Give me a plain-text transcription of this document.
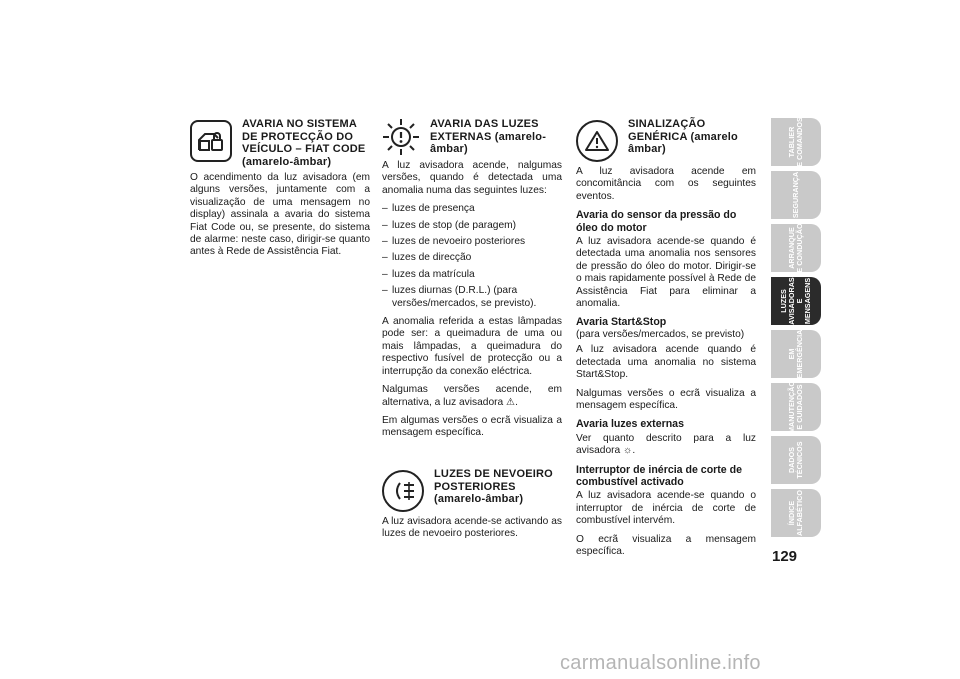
AVARIA NO SISTEMA DE PROTECÇÃO DO VEÍCULO – FIAT CODE (amarelo-âmbar)

O acendimento da luz avisadora (em alguns versões, juntamente com a visualização de uma mensagem no display) assinala a avaria do sistema Fiat Code ou, se presente, do sistema de alarme: neste caso, dirigir-se quanto antes à Rede de Assistência Fiat.

AVARIA DAS LUZES EXTERNAS (amarelo-âmbar)

A luz avisadora acende, nalgumas versões, quando é detectada uma anomalia numa das seguintes luzes:

– luzes de presença
– luzes de stop (de paragem)
– luzes de nevoeiro posteriores
– luzes de direcção
– luzes da matrícula
– luzes diurnas (D.R.L.) (para versões/mercados, se previsto).

A anomalia referida a estas lâmpadas pode ser: a queimadura de uma ou mais lâmpadas, a queimadura do respectivo fusível de protecção ou a interrupção da conexão eléctrica.

Nalgumas versões acende, em alternativa, a luz avisadora ⚠.

Em algumas versões o ecrã visualiza a mensagem específica.

LUZES DE NEVOEIRO POSTERIORES (amarelo-âmbar)

A luz avisadora acende-se activando as luzes de nevoeiro posteriores.

SINALIZAÇÃO GENÉRICA (amarelo âmbar)

A luz avisadora acende em concomitância com os seguintes eventos.

Avaria do sensor da pressão do óleo do motor

A luz avisadora acende-se quando é detectada uma anomalia nos sensores de pressão do óleo do motor. Dirigir-se o mais rapidamente possível à Rede de Assistência Fiat para eliminar a anomalia.

Avaria Start&Stop

(para versões/mercados, se previsto)

A luz avisadora acende quando é detectada uma anomalia no sistema Start&Stop.

Nalgumas versões o ecrã visualiza a mensagem específica.

Avaria luzes externas

Ver quanto descrito para a luz avisadora ☼.

Interruptor de inércia de corte de combustível activado

A luz avisadora acende-se quando o interruptor de inércia de corte de combustível intervém.

O ecrã visualiza a mensagem específica.

TABLIER
E COMANDOS
SEGURANÇA
ARRANQUE
E CONDUÇÃO
LUZES
AVISADORAS
E MENSAGENS
EM
EMERGÊNCIA
MANUTENÇÃO
E CUIDADOS
DADOS
TÉCNICOS
ÍNDICE
ALFABÉTICO
129
carmanualsonline.info
